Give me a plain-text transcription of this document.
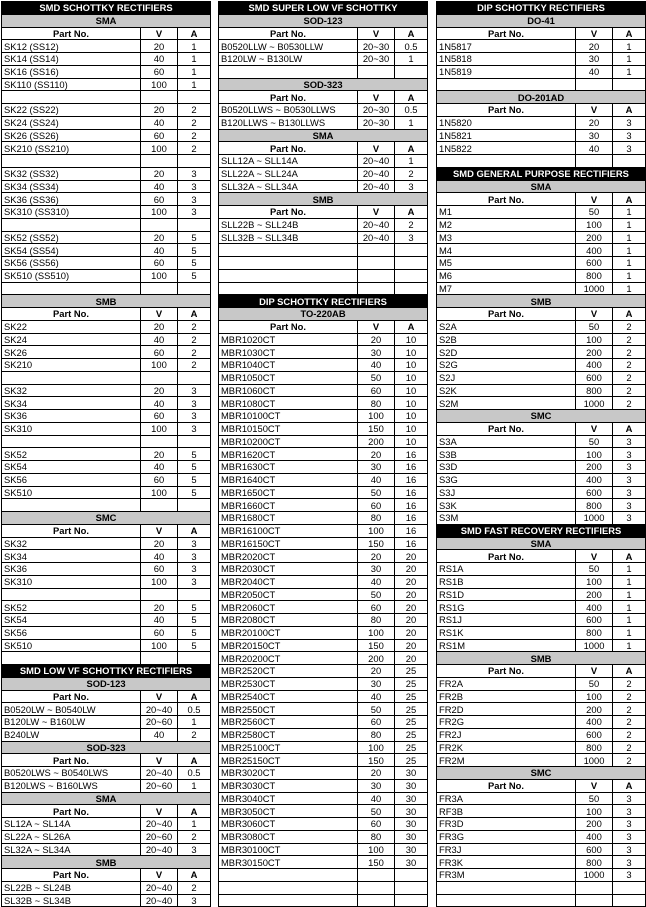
SMD SCHOTTKY RECTIFIERS		
SMA		
Part No.	V	A
SK12 (SS12)	20	1
SK14 (SS14)	40	1
SK16 (SS16)	60	1
SK110 (SS110)	100	1

SK22 (SS22)	20	2
SK24 (SS24)	40	2
SK26 (SS26)	60	2
SK210 (SS210)	100	2

SK32 (SS32)	20	3
SK34 (SS34)	40	3
SK36 (SS36)	60	3
SK310 (SS310)	100	3

SK52 (SS52)	20	5
SK54 (SS54)	40	5
SK56 (SS56)	60	5
SK510 (SS510)	100	5

SMB		
Part No.	V	A
SK22	20	2
SK24	40	2
SK26	60	2
SK210	100	2

SK32	20	3
SK34	40	3
SK36	60	3
SK310	100	3

SK52	20	5
SK54	40	5
SK56	60	5
SK510	100	5

SMC		
Part No.	V	A
SK32	20	3
SK34	40	3
SK36	60	3
SK310	100	3

SK52	20	5
SK54	40	5
SK56	60	5
SK510	100	5

SMD LOW VF SCHOTTKY RECTIFIERS		
SOD-123		
Part No.	V	A
B0520LW ~ B0540LW	20~40	0.5
B120LW ~ B160LW	20~60	1
B240LW	40	2
SOD-323		
Part No.	V	A
B0520LWS ~ B0540LWS	20~40	0.5
B120LWS ~ B160LWS	20~60	1
SMA		
Part No.	V	A
SL12A ~ SL14A	20~40	1
SL22A ~ SL26A	20~60	2
SL32A ~ SL34A	20~40	3
SMB		
Part No.	V	A
SL22B ~ SL24B	20~40	2
SL32B ~ SL34B	20~40	3
SMD SUPER LOW VF SCHOTTKY		
SOD-123		
Part No.	V	A
B0520LLW ~ B0530LLW	20~30	0.5
B120LW ~ B130LW	20~30	1

SOD-323		
Part No.	V	A
B0520LLWS ~ B0530LLWS	20~30	0.5
B120LLWS ~ B130LLWS	20~30	1
SMA		
Part No.	V	A
SLL12A ~ SLL14A	20~40	1
SLL22A ~ SLL24A	20~40	2
SLL32A ~ SLL34A	20~40	3
SMB		
Part No.	V	A
SLL22B ~ SLL24B	20~40	2
SLL32B ~ SLL34B	20~40	3

DIP SCHOTTKY RECTIFIERS		
TO-220AB		
Part No.	V	A
MBR1020CT	20	10
MBR1030CT	30	10
MBR1040CT	40	10
MBR1050CT	50	10
MBR1060CT	60	10
MBR1080CT	80	10
MBR10100CT	100	10
MBR10150CT	150	10
MBR10200CT	200	10
MBR1620CT	20	16
MBR1630CT	30	16
MBR1640CT	40	16
MBR1650CT	50	16
MBR1660CT	60	16
MBR1680CT	80	16
MBR16100CT	100	16
MBR16150CT	150	16
MBR2020CT	20	20
MBR2030CT	30	20
MBR2040CT	40	20
MBR2050CT	50	20
MBR2060CT	60	20
MBR2080CT	80	20
MBR20100CT	100	20
MBR20150CT	150	20
MBR20200CT	200	20
MBR2520CT	20	25
MBR2530CT	30	25
MBR2540CT	40	25
MBR2550CT	50	25
MBR2560CT	60	25
MBR2580CT	80	25
MBR25100CT	100	25
MBR25150CT	150	25
MBR3020CT	20	30
MBR3030CT	30	30
MBR3040CT	40	30
MBR3050CT	50	30
MBR3060CT	60	30
MBR3080CT	80	30
MBR30100CT	100	30
MBR30150CT	150	30

DIP SCHOTTKY RECTIFIERS		
DO-41		
Part No.	V	A
1N5817	20	1
1N5818	30	1
1N5819	40	1

DO-201AD		
Part No.	V	A
1N5820	20	3
1N5821	30	3
1N5822	40	3

SMD GENERAL PURPOSE RECTIFIERS		
SMA		
Part No.	V	A
M1	50	1
M2	100	1
M3	200	1
M4	400	1
M5	600	1
M6	800	1
M7	1000	1
SMB		
Part No.	V	A
S2A	50	2
S2B	100	2
S2D	200	2
S2G	400	2
S2J	600	2
S2K	800	2
S2M	1000	2
SMC		
Part No.	V	A
S3A	50	3
S3B	100	3
S3D	200	3
S3G	400	3
S3J	600	3
S3K	800	3
S3M	1000	3
SMD FAST RECOVERY RECTIFIERS		
SMA		
Part No.	V	A
RS1A	50	1
RS1B	100	1
RS1D	200	1
RS1G	400	1
RS1J	600	1
RS1K	800	1
RS1M	1000	1
SMB		
Part No.	V	A
FR2A	50	2
FR2B	100	2
FR2D	200	2
FR2G	400	2
FR2J	600	2
FR2K	800	2
FR2M	1000	2
SMC		
Part No.	V	A
FR3A	50	3
RF3B	100	3
FR3D	200	3
FR3G	400	3
FR3J	600	3
FR3K	800	3
FR3M	1000	3
